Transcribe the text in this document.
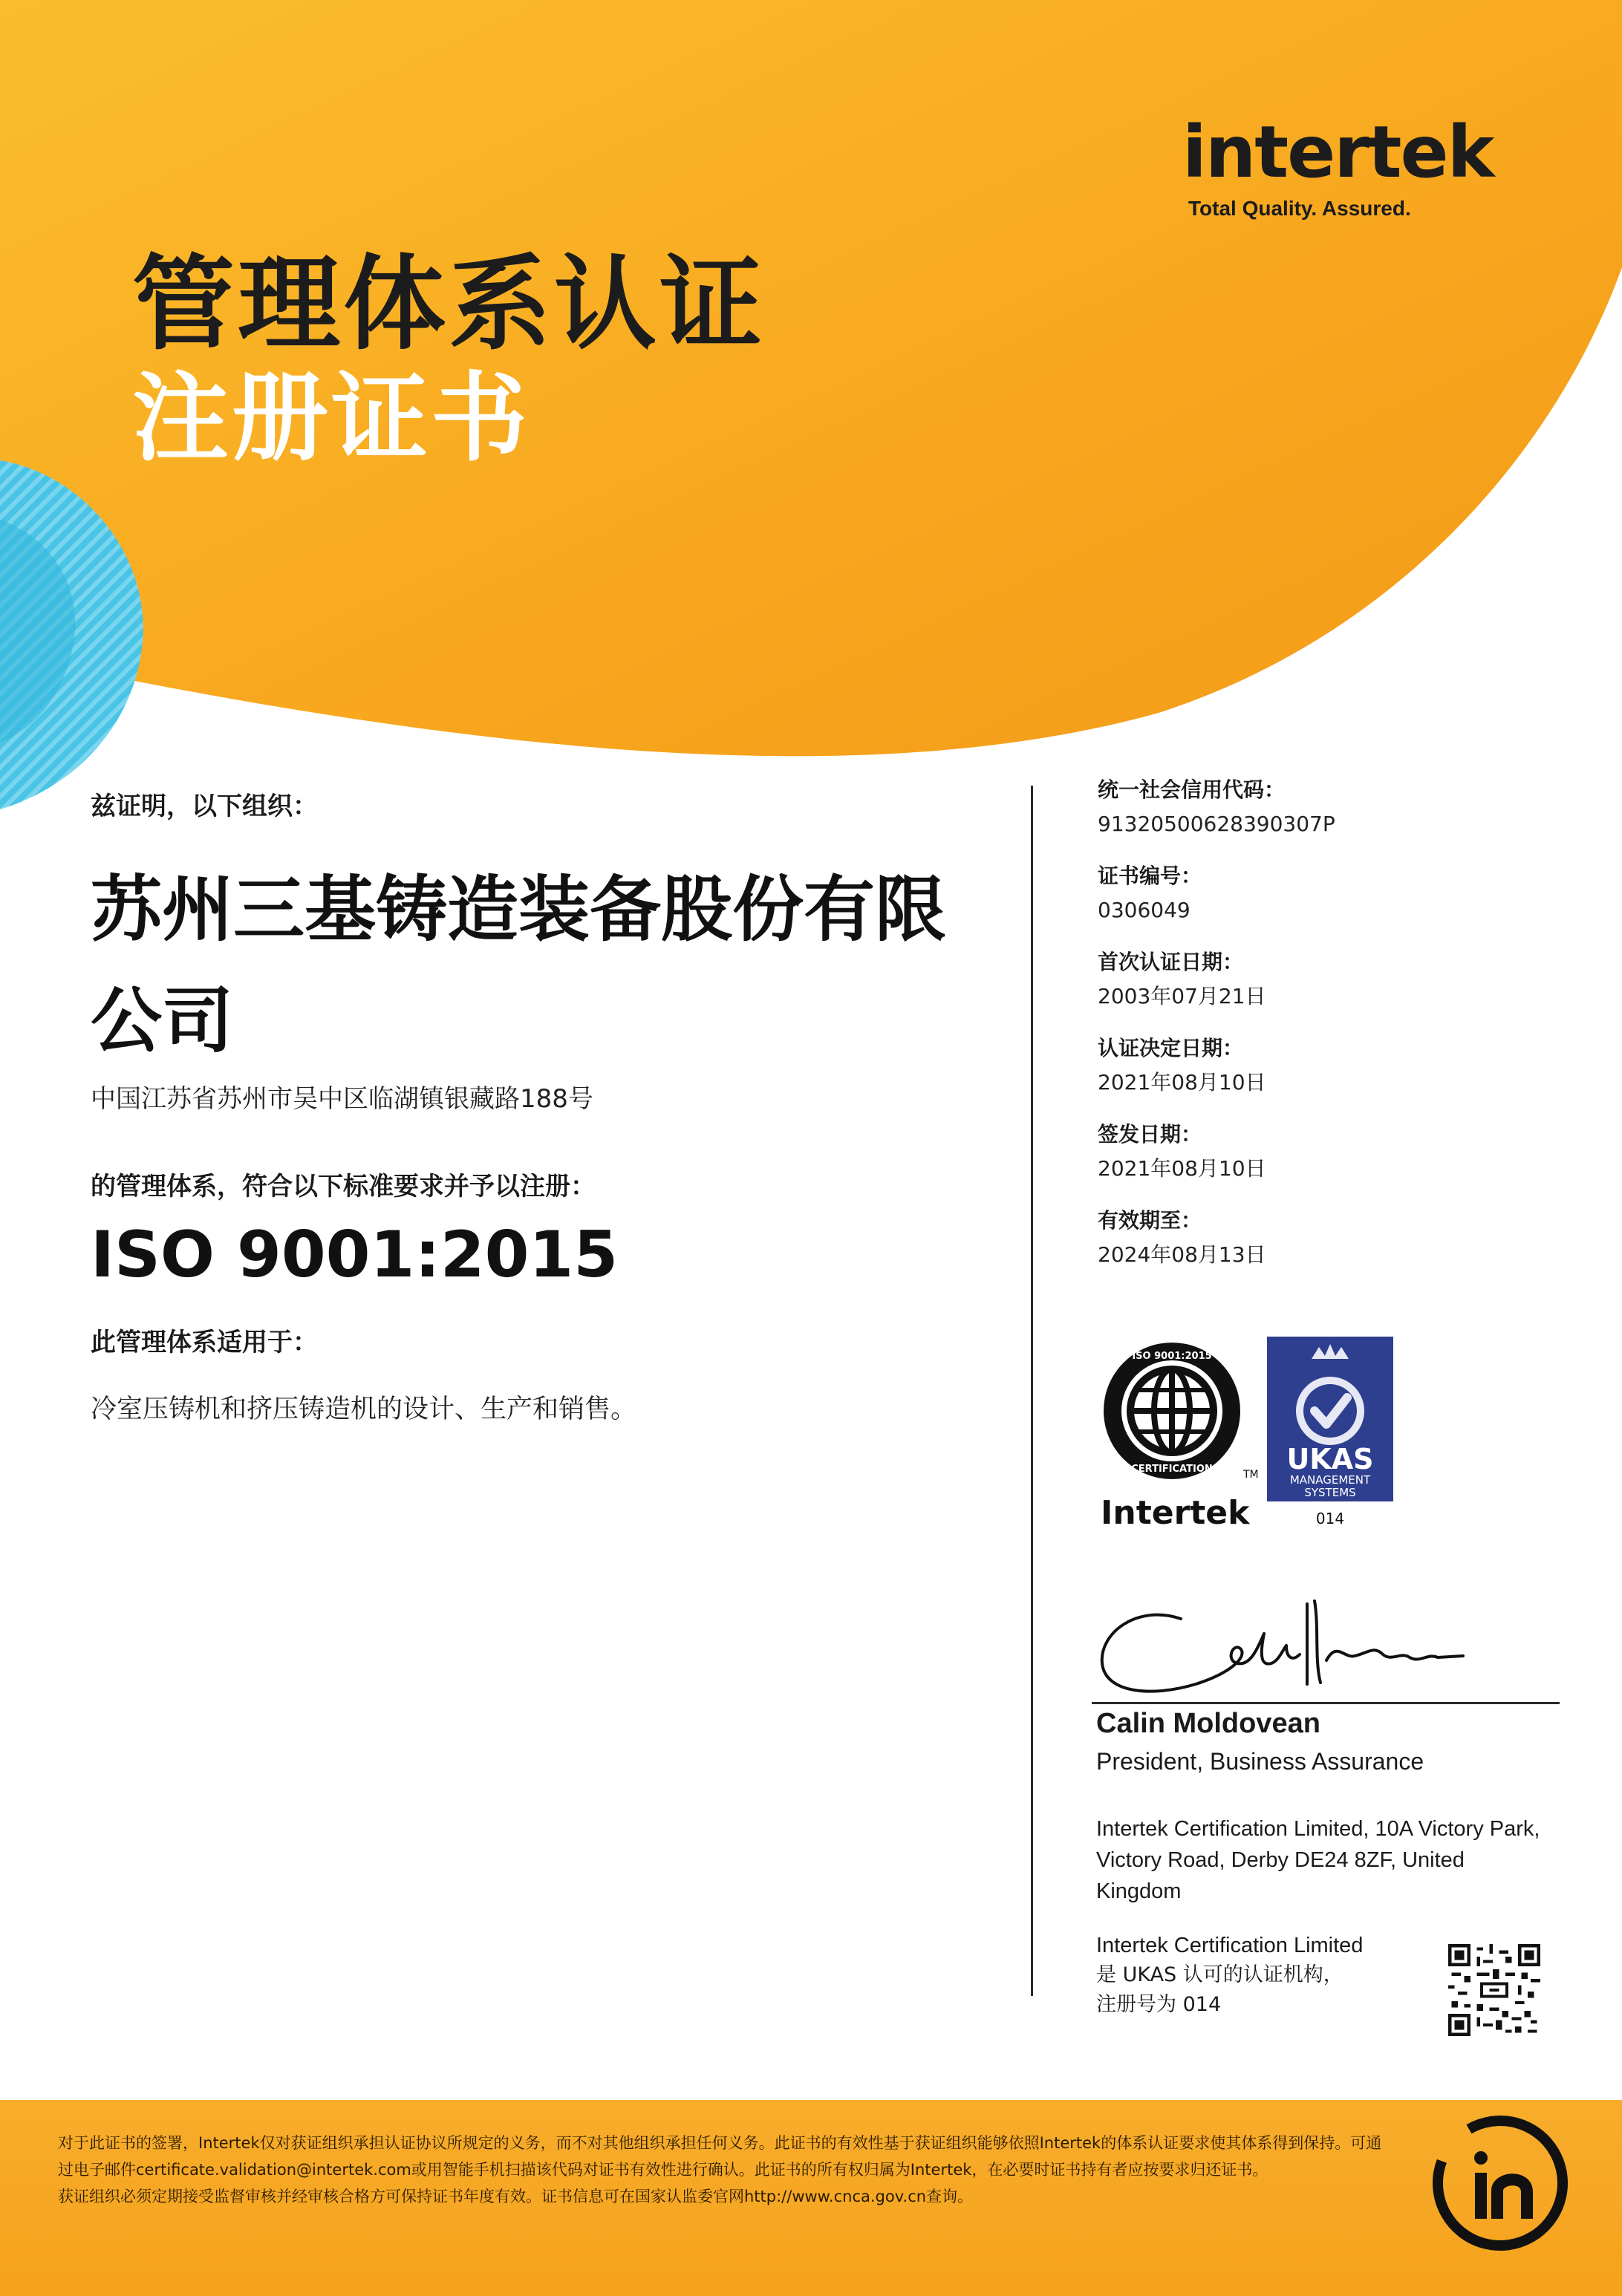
intertek
Total Quality. Assured.
管理体系认证
注册证书
兹证明，以下组织：
苏州三基铸造装备股份有限公司
中国江苏省苏州市吴中区临湖镇银藏路188号
的管理体系，符合以下标准要求并予以注册：
ISO 9001:2015
此管理体系适用于：
冷室压铸机和挤压铸造机的设计、生产和销售。
统一社会信用代码：
91320500628390307P
证书编号：
0306049
首次认证日期：
2003年07月21日
认证决定日期：
2021年08月10日
签发日期：
2021年08月10日
有效期至：
2024年08月13日
ISO 9001:2015
CERTIFICATION	TM
Intertek
UKAS
MANAGEMENT
SYSTEMS
014
Calin Moldovean
President, Business Assurance
Intertek Certification Limited, 10A Victory Park, Victory Road, Derby DE24 8ZF, United Kingdom
Intertek Certification Limited
是 UKAS 认可的认证机构，
注册号为 014
对于此证书的签署，Intertek仅对获证组织承担认证协议所规定的义务，而不对其他组织承担任何义务。此证书的有效性基于获证组织能够依照Intertek的体系认证要求使其体系得到保持。可通过电子邮件certificate.validation@intertek.com或用智能手机扫描该代码对证书有效性进行确认。此证书的所有权归属为Intertek，在必要时证书持有者应按要求归还证书。
获证组织必须定期接受监督审核并经审核合格方可保持证书年度有效。证书信息可在国家认监委官网http://www.cnca.gov.cn查询。
